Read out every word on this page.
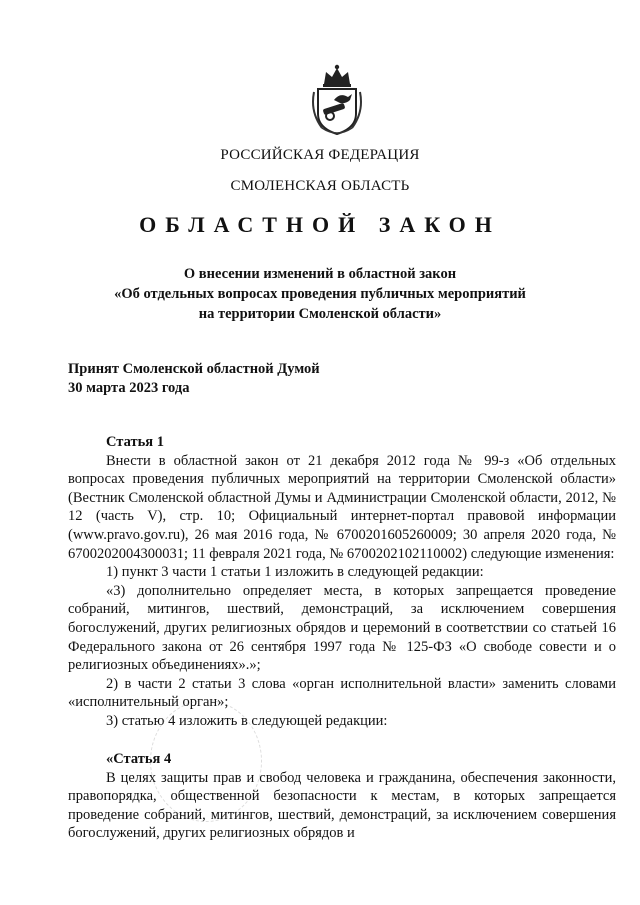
РОССИЙСКАЯ ФЕДЕРАЦИЯ
СМОЛЕНСКАЯ ОБЛАСТЬ
ОБЛАСТНОЙ ЗАКОН
О внесении изменений в областной закон
«Об отдельных вопросах проведения публичных мероприятий
на территории Смоленской области»
Принят Смоленской областной Думой
30 марта 2023 года

Статья 1

Внести в областной закон от 21 декабря 2012 года № 99-з «Об отдельных вопросах проведения публичных мероприятий на территории Смоленской области» (Вестник Смоленской областной Думы и Администрации Смоленской области, 2012, № 12 (часть V), стр. 10; Официальный интернет-портал правовой информации (www.pravo.gov.ru), 26 мая 2016 года, № 6700201605260009; 30 апреля 2020 года, № 6700202004300031; 11 февраля 2021 года, № 6700202102110002) следующие изменения:

1) пункт 3 части 1 статьи 1 изложить в следующей редакции:

«3) дополнительно определяет места, в которых запрещается проведение собраний, митингов, шествий, демонстраций, за исключением совершения богослужений, других религиозных обрядов и церемоний в соответствии со статьей 16 Федерального закона от 26 сентября 1997 года № 125-ФЗ «О свободе совести и о религиозных объединениях».»;

2) в части 2 статьи 3 слова «орган исполнительной власти» заменить словами «исполнительный орган»;

3) статью 4 изложить в следующей редакции:

«Статья 4

В целях защиты прав и свобод человека и гражданина, обеспечения законности, правопорядка, общественной безопасности к местам, в которых запрещается проведение собраний, митингов, шествий, демонстраций, за исключением совершения богослужений, других религиозных обрядов и
